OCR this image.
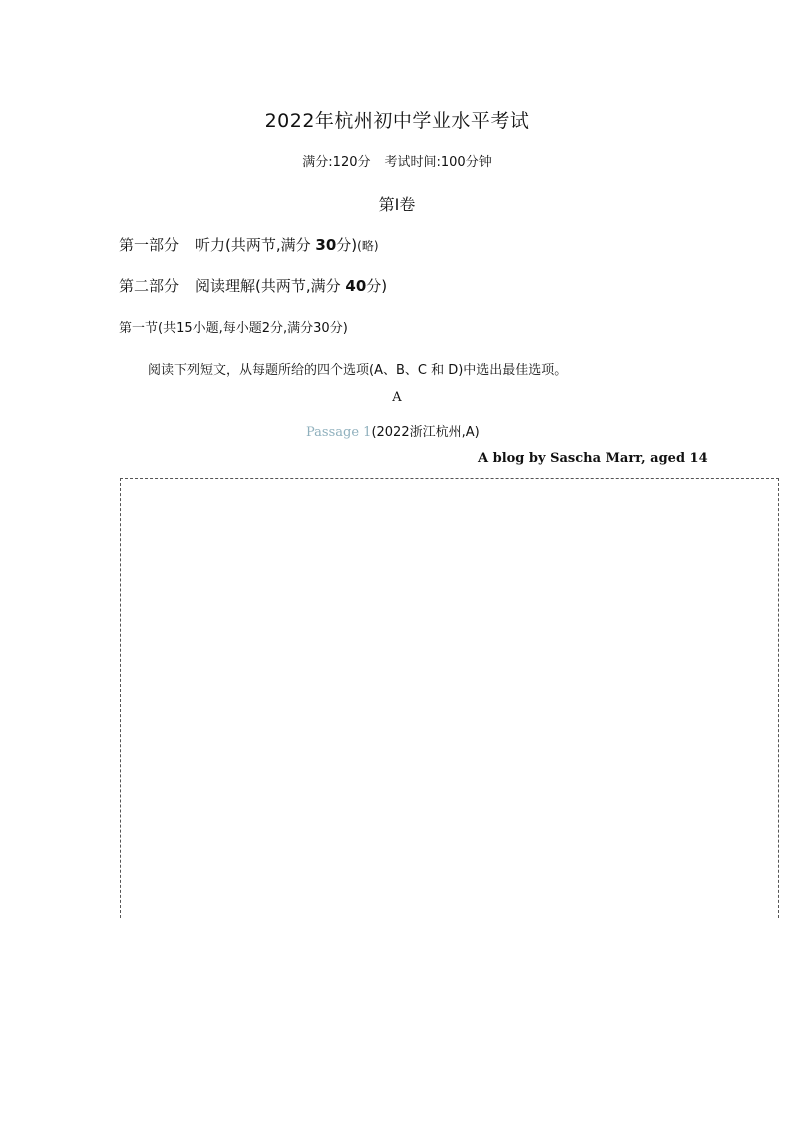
2022年杭州初中学业水平考试
满分:120分 考试时间:100分钟
第Ⅰ卷
第一部分 听力(共两节,满分 30分)(略)
第二部分 阅读理解(共两节,满分 40分)
第一节(共15小题,每小题2分,满分30分)
阅读下列短文，从每题所给的四个选项(A、B、C 和 D)中选出最佳选项。
A
Passage 1(2022浙江杭州,A)
A blog by Sascha Marr, aged 14
